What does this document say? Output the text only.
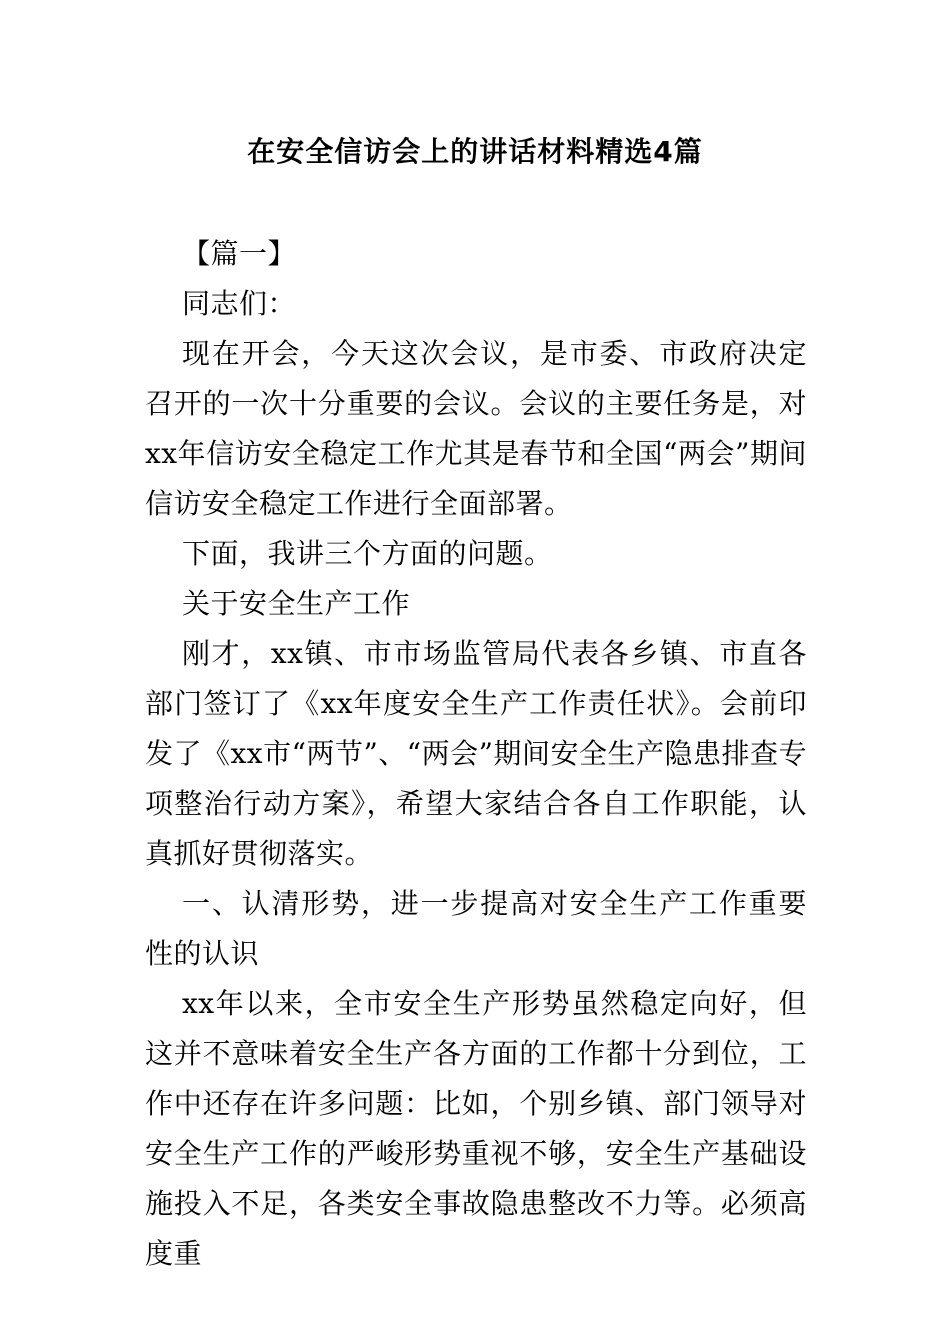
在安全信访会上的讲话材料精选4篇

【篇一】

同志们：

现在开会，今天这次会议，是市委、市政府决定召开的一次十分重要的会议。会议的主要任务是，对xx年信访安全稳定工作尤其是春节和全国“两会”期间信访安全稳定工作进行全面部署。

下面，我讲三个方面的问题。

关于安全生产工作

刚才，xx镇、市市场监管局代表各乡镇、市直各部门签订了《xx年度安全生产工作责任状》。会前印发了《xx市“两节”、“两会”期间安全生产隐患排查专项整治行动方案》，希望大家结合各自工作职能，认真抓好贯彻落实。

一、认清形势，进一步提高对安全生产工作重要性的认识

xx年以来，全市安全生产形势虽然稳定向好，但这并不意味着安全生产各方面的工作都十分到位，工作中还存在许多问题：比如，个别乡镇、部门领导对安全生产工作的严峻形势重视不够，安全生产基础设施投入不足，各类安全事故隐患整改不力等。必须高度重
